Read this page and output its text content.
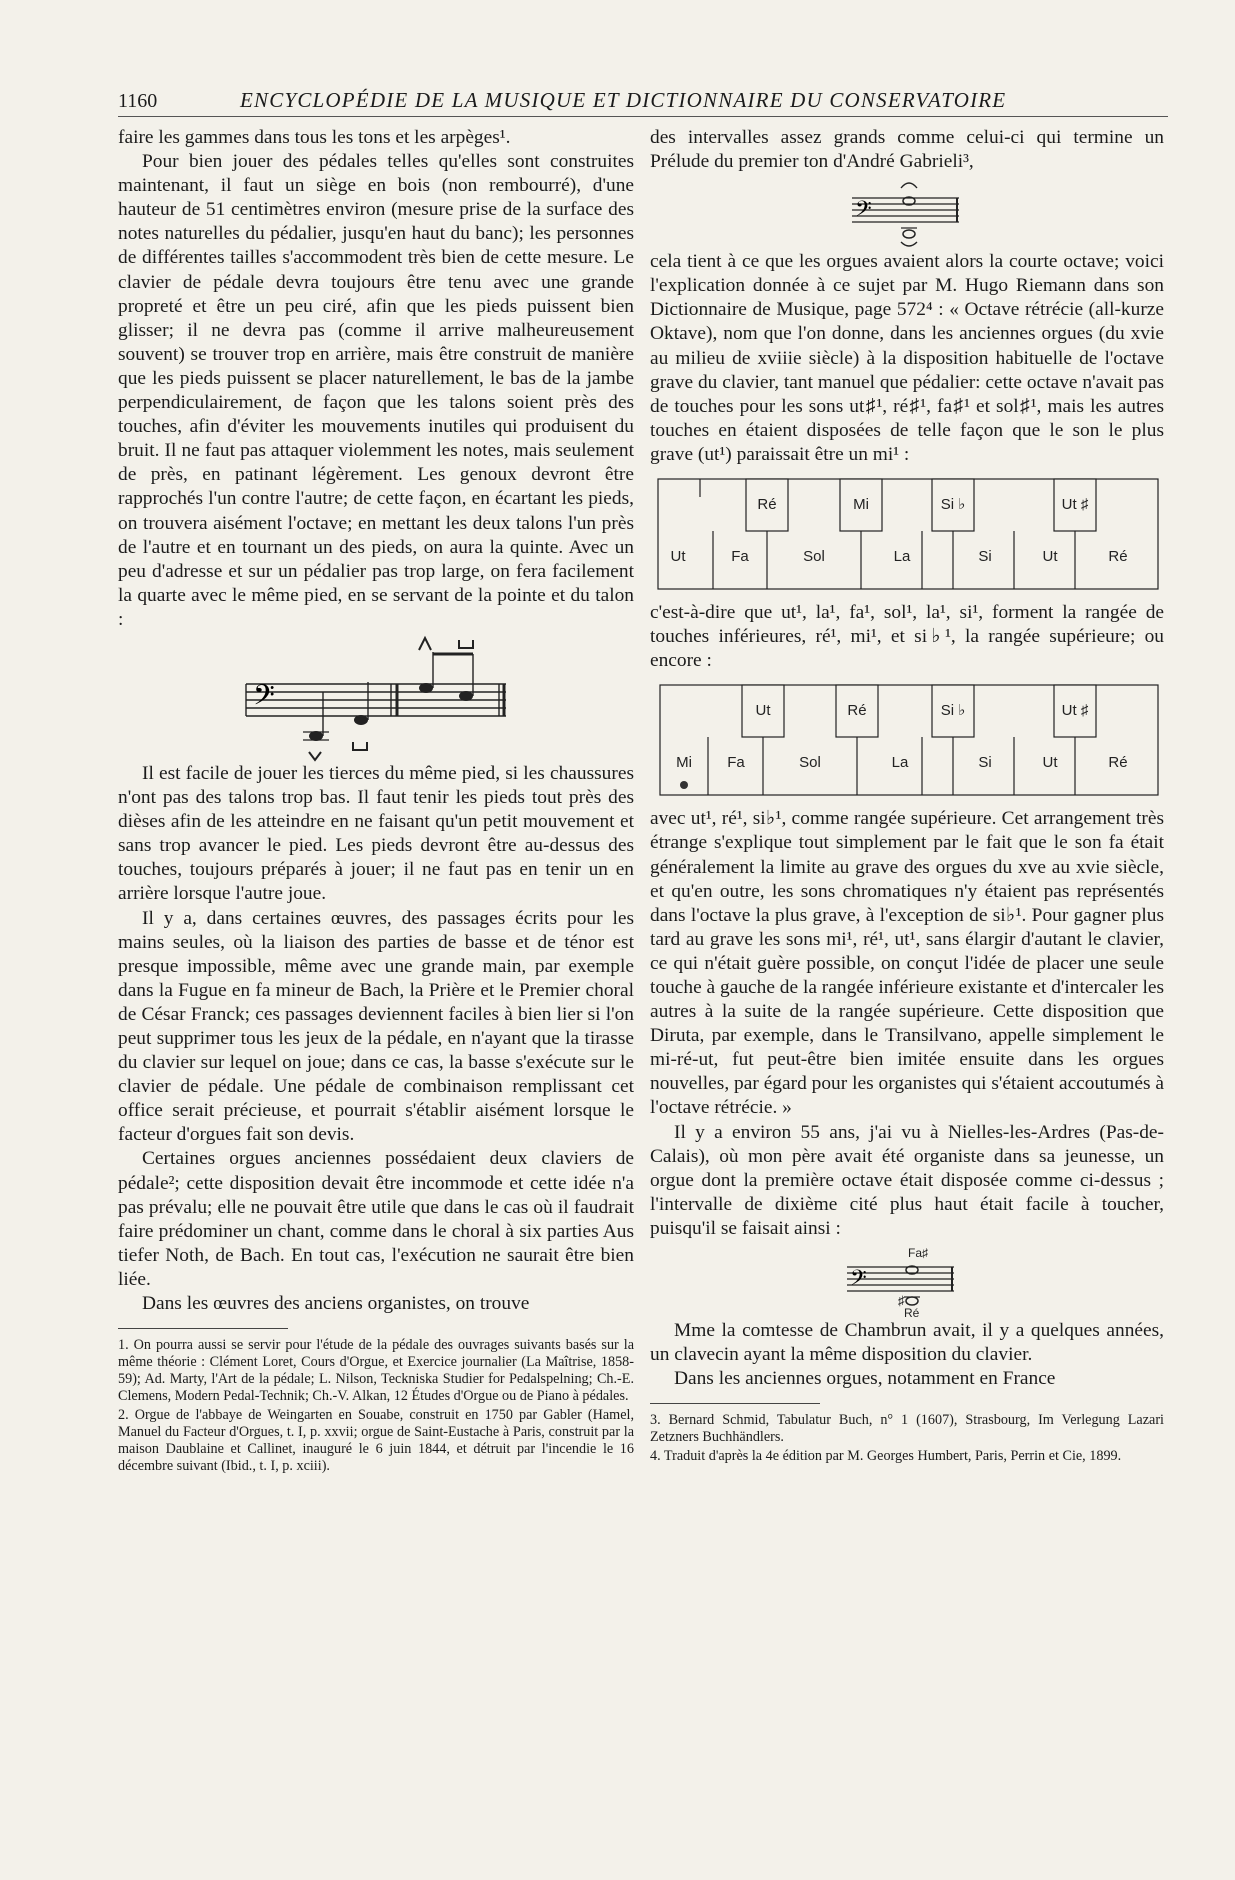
1160	ENCYCLOPÉDIE DE LA MUSIQUE ET DICTIONNAIRE DU CONSERVATOIRE

faire les gammes dans tous les tons et les arpèges¹.

Pour bien jouer des pédales telles qu'elles sont construites maintenant, il faut un siège en bois (non rembourré), d'une hauteur de 51 centimètres environ (mesure prise de la surface des notes naturelles du pédalier, jusqu'en haut du banc); les personnes de différentes tailles s'accommodent très bien de cette mesure. Le clavier de pédale devra toujours être tenu avec une grande propreté et être un peu ciré, afin que les pieds puissent bien glisser; il ne devra pas (comme il arrive malheureusement souvent) se trouver trop en arrière, mais être construit de manière que les pieds puissent se placer naturellement, le bas de la jambe perpendiculairement, de façon que les talons soient près des touches, afin d'éviter les mouvements inutiles qui produisent du bruit. Il ne faut pas attaquer violemment les notes, mais seulement de près, en patinant légèrement. Les genoux devront être rapprochés l'un contre l'autre; de cette façon, en écartant les pieds, on trouvera aisément l'octave; en mettant les deux talons l'un près de l'autre et en tournant un des pieds, on aura la quinte. Avec un peu d'adresse et sur un pédalier pas trop large, on fera facilement la quarte avec le même pied, en se servant de la pointe et du talon :

𝄢

Il est facile de jouer les tierces du même pied, si les chaussures n'ont pas des talons trop bas. Il faut tenir les pieds tout près des dièses afin de les atteindre en ne faisant qu'un petit mouvement et sans trop avancer le pied. Les pieds devront être au-dessus des touches, toujours préparés à jouer; il ne faut pas en tenir un en arrière lorsque l'autre joue.

Il y a, dans certaines œuvres, des passages écrits pour les mains seules, où la liaison des parties de basse et de ténor est presque impossible, même avec une grande main, par exemple dans la Fugue en fa mineur de Bach, la Prière et le Premier choral de César Franck; ces passages deviennent faciles à bien lier si l'on peut supprimer tous les jeux de la pédale, en n'ayant que la tirasse du clavier sur lequel on joue; dans ce cas, la basse s'exécute sur le clavier de pédale. Une pédale de combinaison remplissant cet office serait précieuse, et pourrait s'établir aisément lorsque le facteur d'orgues fait son devis.

Certaines orgues anciennes possédaient deux claviers de pédale²; cette disposition devait être incommode et cette idée n'a pas prévalu; elle ne pouvait être utile que dans le cas où il faudrait faire prédominer un chant, comme dans le choral à six parties Aus tiefer Noth, de Bach. En tout cas, l'exécution ne saurait être bien liée.

Dans les œuvres des anciens organistes, on trouve

1. On pourra aussi se servir pour l'étude de la pédale des ouvrages suivants basés sur la même théorie : Clément Loret, Cours d'Orgue, et Exercice journalier (La Maîtrise, 1858-59); Ad. Marty, l'Art de la pédale; L. Nilson, Teckniska Studier for Pedalspelning; Ch.-E. Clemens, Modern Pedal-Technik; Ch.-V. Alkan, 12 Études d'Orgue ou de Piano à pédales.

2. Orgue de l'abbaye de Weingarten en Souabe, construit en 1750 par Gabler (Hamel, Manuel du Facteur d'Orgues, t. I, p. xxvii; orgue de Saint-Eustache à Paris, construit par la maison Daublaine et Callinet, inauguré le 6 juin 1844, et détruit par l'incendie le 16 décembre suivant (Ibid., t. I, p. xciii).

des intervalles assez grands comme celui-ci qui termine un Prélude du premier ton d'André Gabrieli³,

𝄢

cela tient à ce que les orgues avaient alors la courte octave; voici l'explication donnée à ce sujet par M. Hugo Riemann dans son Dictionnaire de Musique, page 572⁴ : « Octave rétrécie (all-kurze Oktave), nom que l'on donne, dans les anciennes orgues (du xvie au milieu de xviiie siècle) à la disposition habituelle de l'octave grave du clavier, tant manuel que pédalier: cette octave n'avait pas de touches pour les sons ut♯¹, ré♯¹, fa♯¹ et sol♯¹, mais les autres touches en étaient disposées de telle façon que le son le plus grave (ut¹) paraissait être un mi¹ :

Ré	Mi	Si ♭	Ut ♯
Ut	Fa	Sol	La	Si	Ut	Ré

c'est-à-dire que ut¹, la¹, fa¹, sol¹, la¹, si¹, forment la rangée de touches inférieures, ré¹, mi¹, et si♭¹, la rangée supérieure; ou encore :

Ut	Ré	Si ♭	Ut ♯
Mi Fa	Sol	La	Si	Ut	Ré

avec ut¹, ré¹, si♭¹, comme rangée supérieure. Cet arrangement très étrange s'explique tout simplement par le fait que le son fa était généralement la limite au grave des orgues du xve au xvie siècle, et qu'en outre, les sons chromatiques n'y étaient pas représentés dans l'octave la plus grave, à l'exception de si♭¹. Pour gagner plus tard au grave les sons mi¹, ré¹, ut¹, sans élargir d'autant le clavier, ce qui n'était guère possible, on conçut l'idée de placer une seule touche à gauche de la rangée inférieure existante et d'intercaler les autres à la suite de la rangée supérieure. Cette disposition que Diruta, par exemple, dans le Transilvano, appelle simplement le mi-ré-ut, fut peut-être bien imitée ensuite dans les orgues nouvelles, par égard pour les organistes qui s'étaient accoutumés à l'octave rétrécie. »

Il y a environ 55 ans, j'ai vu à Nielles-les-Ardres (Pas-de-Calais), où mon père avait été organiste dans sa jeunesse, un orgue dont la première octave était disposée comme ci-dessus ; l'intervalle de dixième cité plus haut était facile à toucher, puisqu'il se faisait ainsi :

𝄢
Fa♯
♯
Ré

Mme la comtesse de Chambrun avait, il y a quelques années, un clavecin ayant la même disposition du clavier.

Dans les anciennes orgues, notamment en France

3. Bernard Schmid, Tabulatur Buch, n° 1 (1607), Strasbourg, Im Verlegung Lazari Zetzners Buchhändlers.

4. Traduit d'après la 4e édition par M. Georges Humbert, Paris, Perrin et Cie, 1899.
